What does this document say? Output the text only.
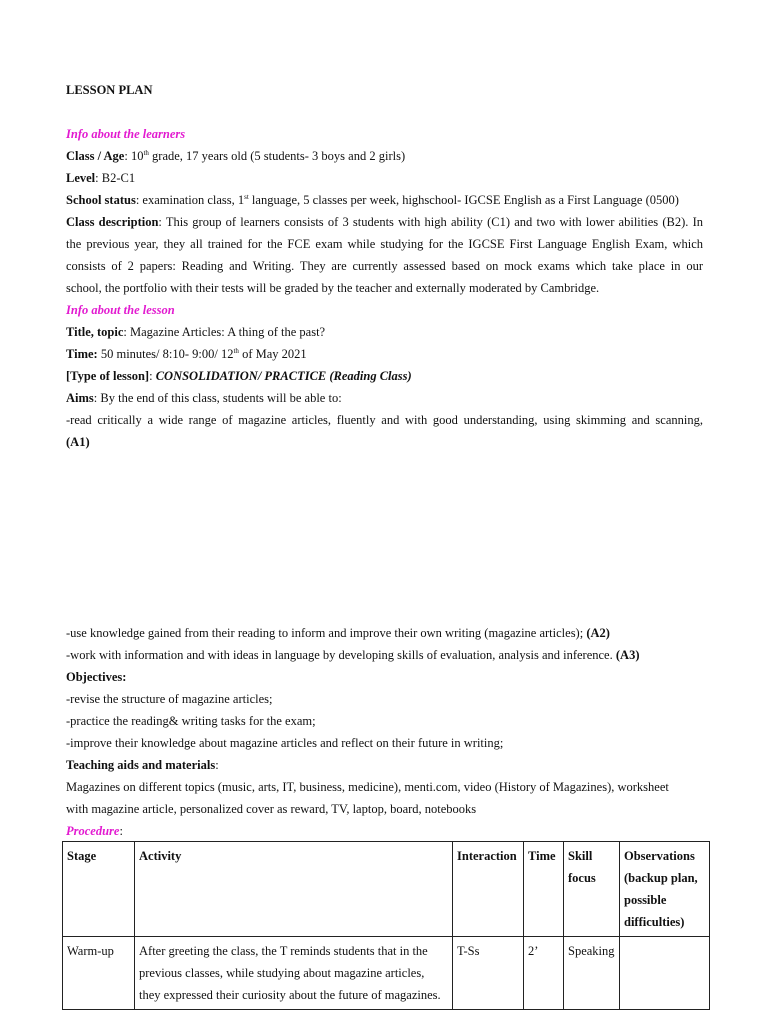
LESSON PLAN
Info about the learners
Class / Age: 10th grade, 17 years old (5 students- 3 boys and 2 girls)
Level: B2-C1
School status: examination class, 1st language, 5 classes per week, highschool- IGCSE English as a First Language (0500)
Class description: This group of learners consists of 3 students with high ability (C1) and two with lower abilities (B2). In
the previous year, they all trained for the FCE exam while studying for the IGCSE First Language English Exam, which
consists of 2 papers: Reading and Writing. They are currently assessed based on mock exams which take place in our
school, the portfolio with their tests will be graded by the teacher and externally moderated by Cambridge.
Info about the lesson
Title, topic: Magazine Articles: A thing of the past?
Time: 50 minutes/ 8:10- 9:00/ 12th of May 2021
[Type of lesson]: CONSOLIDATION/ PRACTICE (Reading Class)
Aims: By the end of this class, students will be able to:
-read critically a wide range of magazine articles, fluently and with good understanding, using skimming and scanning,
(A1)
-use knowledge gained from their reading to inform and improve their own writing (magazine articles); (A2)
-work with information and with ideas in language by developing skills of evaluation, analysis and inference. (A3)
Objectives:
-revise the structure of magazine articles;
-practice the reading& writing tasks for the exam;
-improve their knowledge about magazine articles and reflect on their future in writing;
Teaching aids and materials:
Magazines on different topics (music, arts, IT, business, medicine), menti.com, video (History of Magazines), worksheet
with magazine article, personalized cover as reward, TV, laptop, board, notebooks
Procedure:
Stage	Activity	Interaction	Time	Skill focus	Observations (backup plan, possible difficulties)
Warm-up	After greeting the class, the T reminds students that in the previous classes, while studying about magazine articles, they expressed their curiosity about the future of magazines.	T-Ss	2’	Speaking	
